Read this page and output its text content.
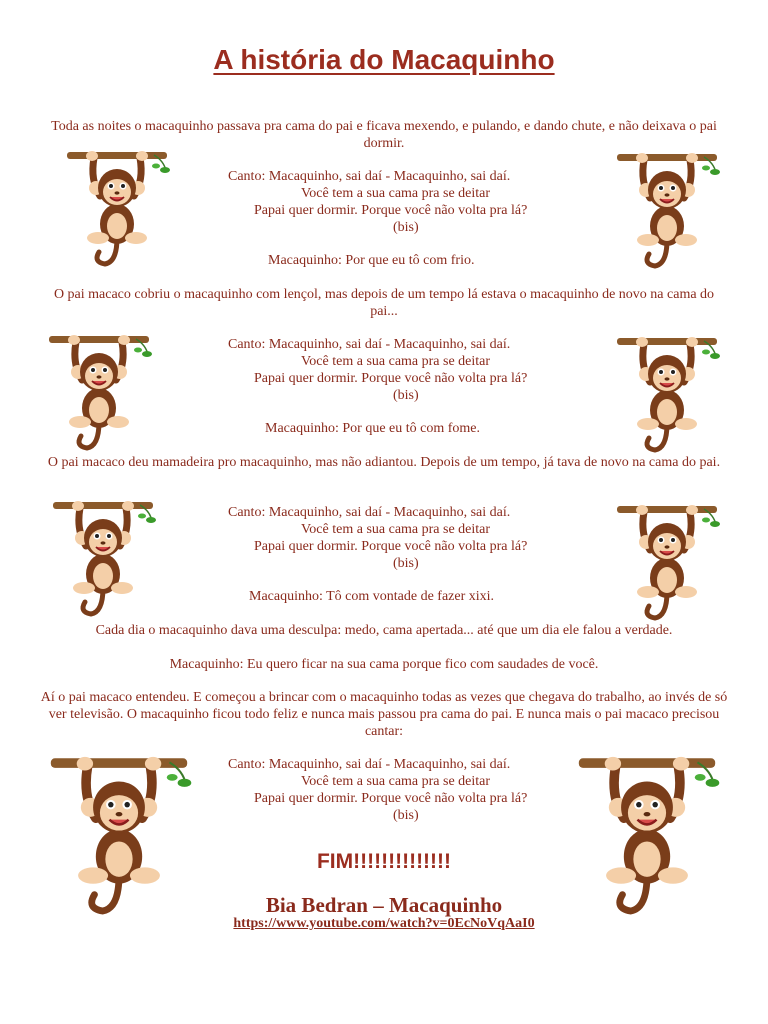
A história do Macaquinho
Toda as noites o macaquinho passava pra cama do pai e ficava mexendo, e pulando, e dando chute, e não deixava o pai dormir.
Canto: Macaquinho, sai daí - Macaquinho, sai daí.
Você tem a sua cama pra se deitar
Papai quer dormir. Porque você não volta pra lá?
(bis)
Macaquinho: Por que eu tô com frio.
O pai macaco cobriu o macaquinho com lençol, mas depois de um tempo lá estava o macaquinho de novo na cama do pai...
Canto: Macaquinho, sai daí - Macaquinho, sai daí.
Você tem a sua cama pra se deitar
Papai quer dormir. Porque você não volta pra lá?
(bis)
Macaquinho: Por que eu tô com fome.
O pai macaco deu mamadeira pro macaquinho, mas não adiantou. Depois de um tempo, já tava de novo na cama do pai.
Canto: Macaquinho, sai daí - Macaquinho, sai daí.
Você tem a sua cama pra se deitar
Papai quer dormir. Porque você não volta pra lá?
(bis)
Macaquinho: Tô com vontade de fazer xixi.
Cada dia o macaquinho dava uma desculpa: medo, cama apertada... até que um dia ele falou a verdade.
Macaquinho: Eu quero ficar na sua cama porque fico com saudades de você.
Aí o pai macaco entendeu. E começou a brincar com o macaquinho todas as vezes que chegava do trabalho, ao invés de só ver televisão. O macaquinho ficou todo feliz e nunca mais passou pra cama do pai. E nunca mais o pai macaco precisou cantar:
Canto: Macaquinho, sai daí - Macaquinho, sai daí.
Você tem a sua cama pra se deitar
Papai quer dormir. Porque você não volta pra lá?
(bis)
FIM!!!!!!!!!!!!!!
Bia Bedran – Macaquinho
https://www.youtube.com/watch?v=0EcNoVqAaI0
